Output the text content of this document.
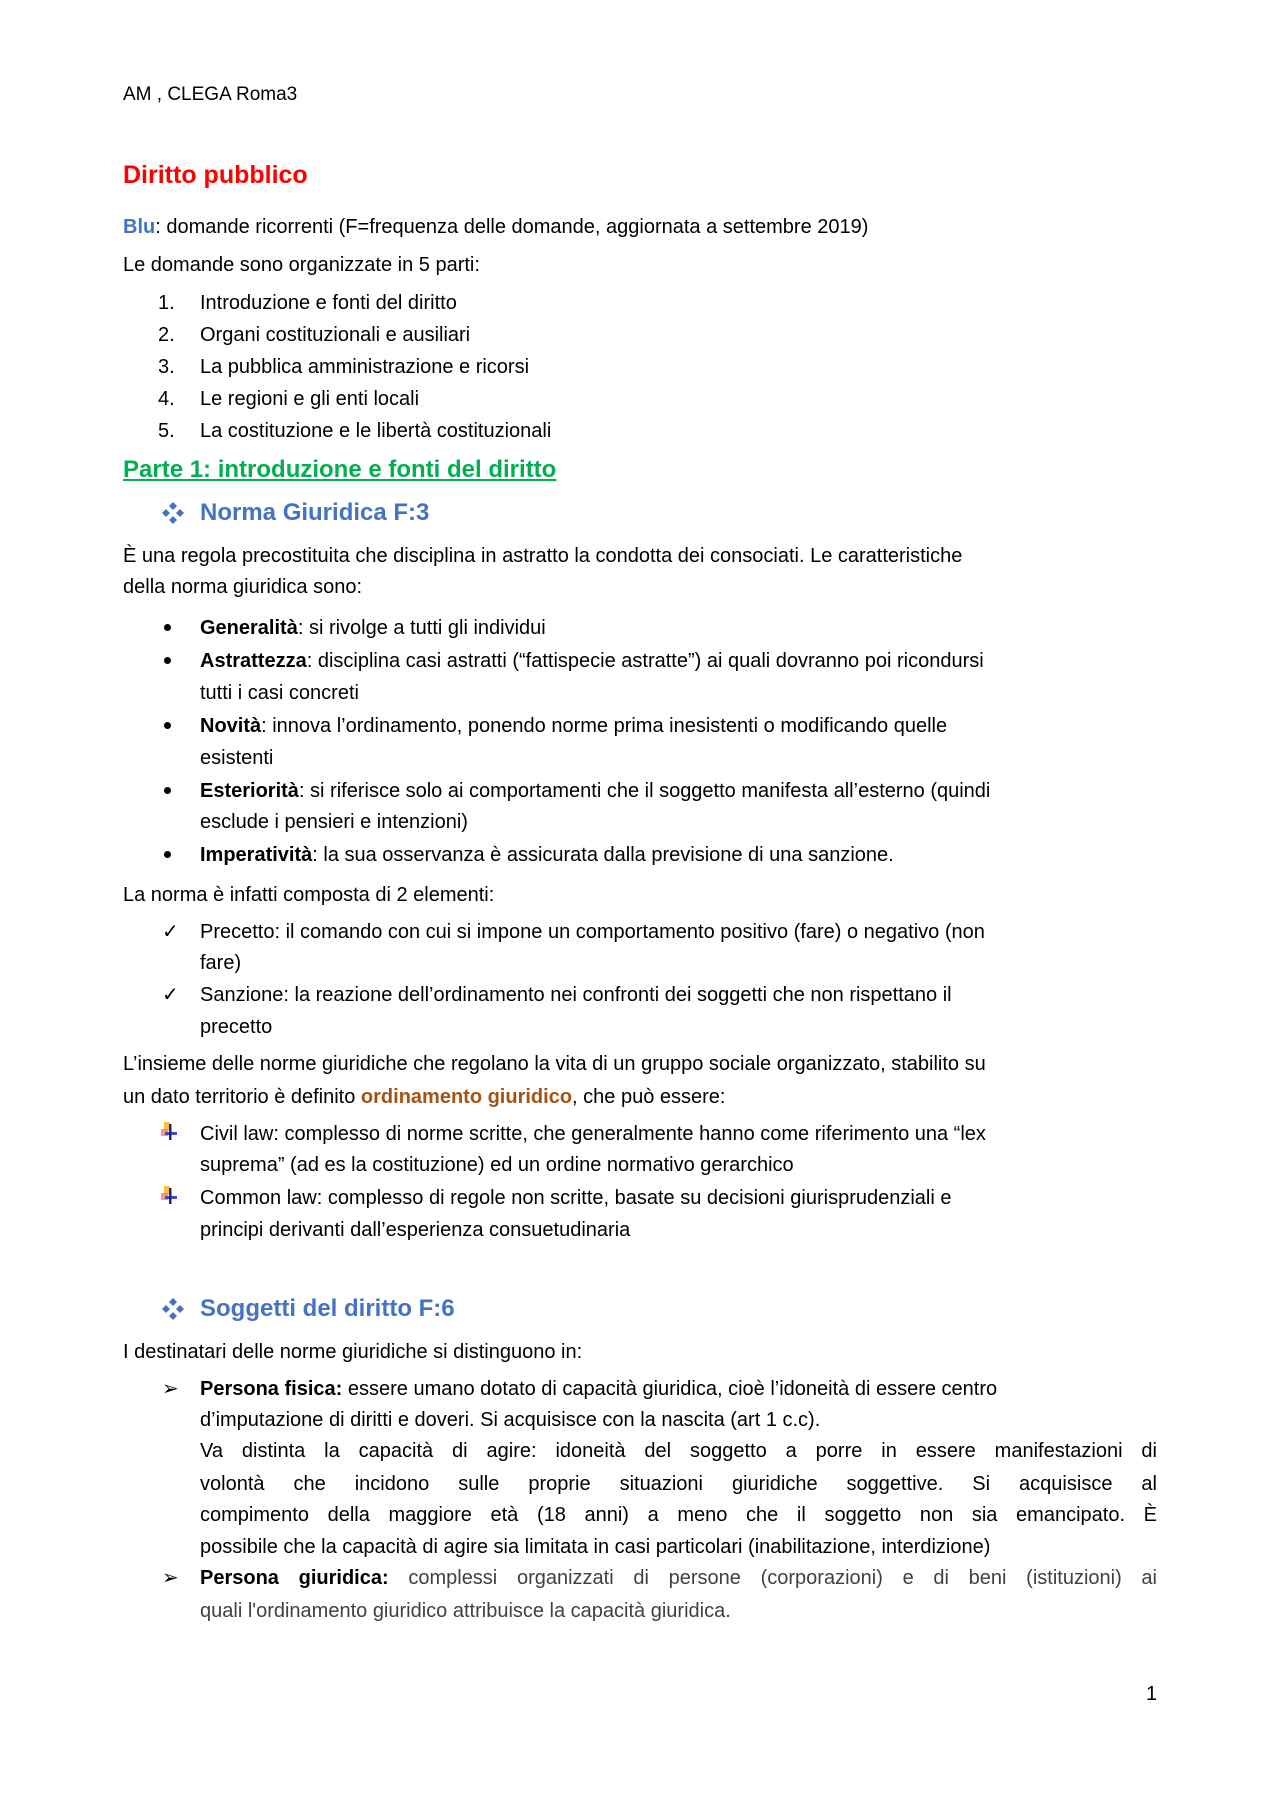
AM , CLEGA Roma3
Diritto pubblico
Blu: domande ricorrenti (F=frequenza delle domande, aggiornata a settembre 2019)
Le domande sono organizzate in 5 parti:
1. Introduzione e fonti del diritto
2. Organi costituzionali e ausiliari
3. La pubblica amministrazione e ricorsi
4. Le regioni e gli enti locali
5. La costituzione e le libertà costituzionali
Parte 1: introduzione e fonti del diritto
Norma Giuridica F:3
È una regola precostituita che disciplina in astratto la condotta dei consociati. Le caratteristiche
della norma giuridica sono:
Generalità: si rivolge a tutti gli individui
Astrattezza: disciplina casi astratti (“fattispecie astratte”) ai quali dovranno poi ricondursi
tutti i casi concreti
Novità: innova l’ordinamento, ponendo norme prima inesistenti o modificando quelle
esistenti
Esteriorità: si riferisce solo ai comportamenti che il soggetto manifesta all’esterno (quindi
esclude i pensieri e intenzioni)
Imperatività: la sua osservanza è assicurata dalla previsione di una sanzione.
La norma è infatti composta di 2 elementi:
✓ Precetto: il comando con cui si impone un comportamento positivo (fare) o negativo (non
fare)
✓ Sanzione: la reazione dell’ordinamento nei confronti dei soggetti che non rispettano il
precetto
L’insieme delle norme giuridiche che regolano la vita di un gruppo sociale organizzato, stabilito su
un dato territorio è definito ordinamento giuridico, che può essere:
Civil law: complesso di norme scritte, che generalmente hanno come riferimento una “lex
suprema” (ad es la costituzione) ed un ordine normativo gerarchico
Common law: complesso di regole non scritte, basate su decisioni giurisprudenziali e
principi derivanti dall’esperienza consuetudinaria
Soggetti del diritto F:6
I destinatari delle norme giuridiche si distinguono in:
➢ Persona fisica: essere umano dotato di capacità giuridica, cioè l’idoneità di essere centro
d’imputazione di diritti e doveri. Si acquisisce con la nascita (art 1 c.c).
Va distinta la capacità di agire: idoneità del soggetto a porre in essere manifestazioni di
volontà che incidono sulle proprie situazioni giuridiche soggettive. Si acquisisce al
compimento della maggiore età (18 anni) a meno che il soggetto non sia emancipato. È
possibile che la capacità di agire sia limitata in casi particolari (inabilitazione, interdizione)
➢ Persona giuridica: complessi organizzati di persone (corporazioni) e di beni (istituzioni) ai
quali l'ordinamento giuridico attribuisce la capacità giuridica.
1
